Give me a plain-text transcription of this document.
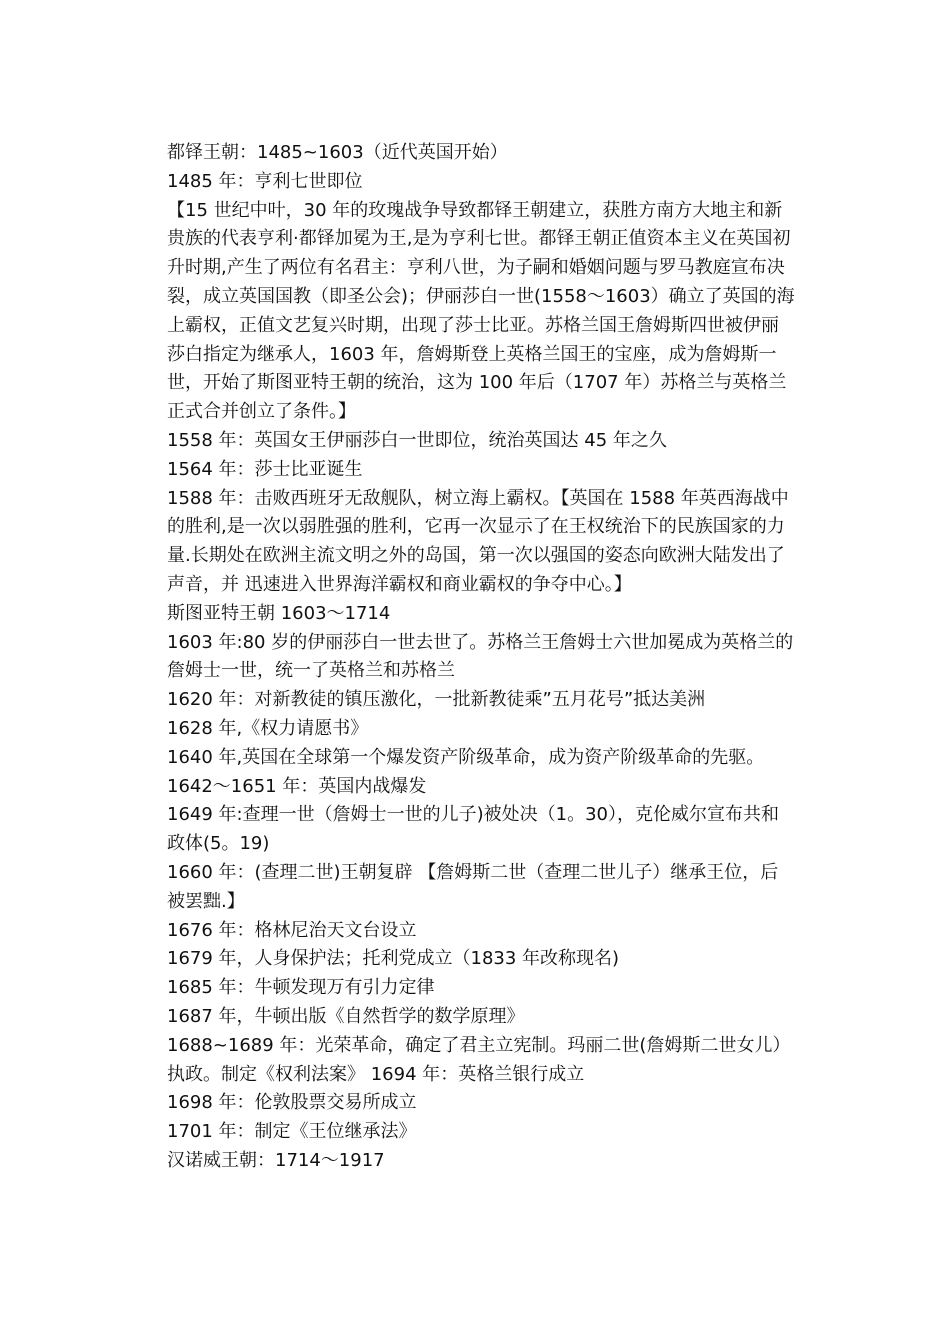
都铎王朝：1485~1603（近代英国开始）

1485 年：亨利七世即位

【15 世纪中叶，30 年的玫瑰战争导致都铎王朝建立，获胜方南方大地主和新贵族的代表亨利·都铎加冕为王,是为亨利七世。都铎王朝正值资本主义在英国初升时期,产生了两位有名君主：亨利八世，为子嗣和婚姻问题与罗马教庭宣布决裂，成立英国国教（即圣公会)；伊丽莎白一世(1558～1603）确立了英国的海上霸权，正值文艺复兴时期，出现了莎士比亚。苏格兰国王詹姆斯四世被伊丽莎白指定为继承人，1603 年，詹姆斯登上英格兰国王的宝座，成为詹姆斯一世，开始了斯图亚特王朝的统治，这为 100 年后（1707 年）苏格兰与英格兰正式合并创立了条件。】

1558 年：英国女王伊丽莎白一世即位，统治英国达 45 年之久

1564 年：莎士比亚诞生

1588 年：击败西班牙无敌舰队，树立海上霸权。【英国在 1588 年英西海战中的胜利,是一次以弱胜强的胜利，它再一次显示了在王权统治下的民族国家的力量.长期处在欧洲主流文明之外的岛国，第一次以强国的姿态向欧洲大陆发出了声音，并 迅速进入世界海洋霸权和商业霸权的争夺中心。】

斯图亚特王朝 1603～1714

1603 年:80 岁的伊丽莎白一世去世了。苏格兰王詹姆士六世加冕成为英格兰的詹姆士一世，统一了英格兰和苏格兰

1620 年：对新教徒的镇压激化，一批新教徒乘”五月花号”抵达美洲

1628 年,《权力请愿书》

1640 年,英国在全球第一个爆发资产阶级革命，成为资产阶级革命的先驱。

1642～1651 年：英国内战爆发

1649 年:查理一世（詹姆士一世的儿子)被处决（1。30），克伦威尔宣布共和政体(5。19)

1660 年：(查理二世)王朝复辟 【詹姆斯二世（查理二世儿子）继承王位，后被罢黜.】

1676 年：格林尼治天文台设立

1679 年，人身保护法；托利党成立（1833 年改称现名)

1685 年：牛顿发现万有引力定律

1687 年，牛顿出版《自然哲学的数学原理》

1688~1689 年：光荣革命，确定了君主立宪制。玛丽二世(詹姆斯二世女儿）执政。制定《权利法案》 1694 年：英格兰银行成立

1698 年：伦敦股票交易所成立

1701 年：制定《王位继承法》

汉诺威王朝：1714～1917
